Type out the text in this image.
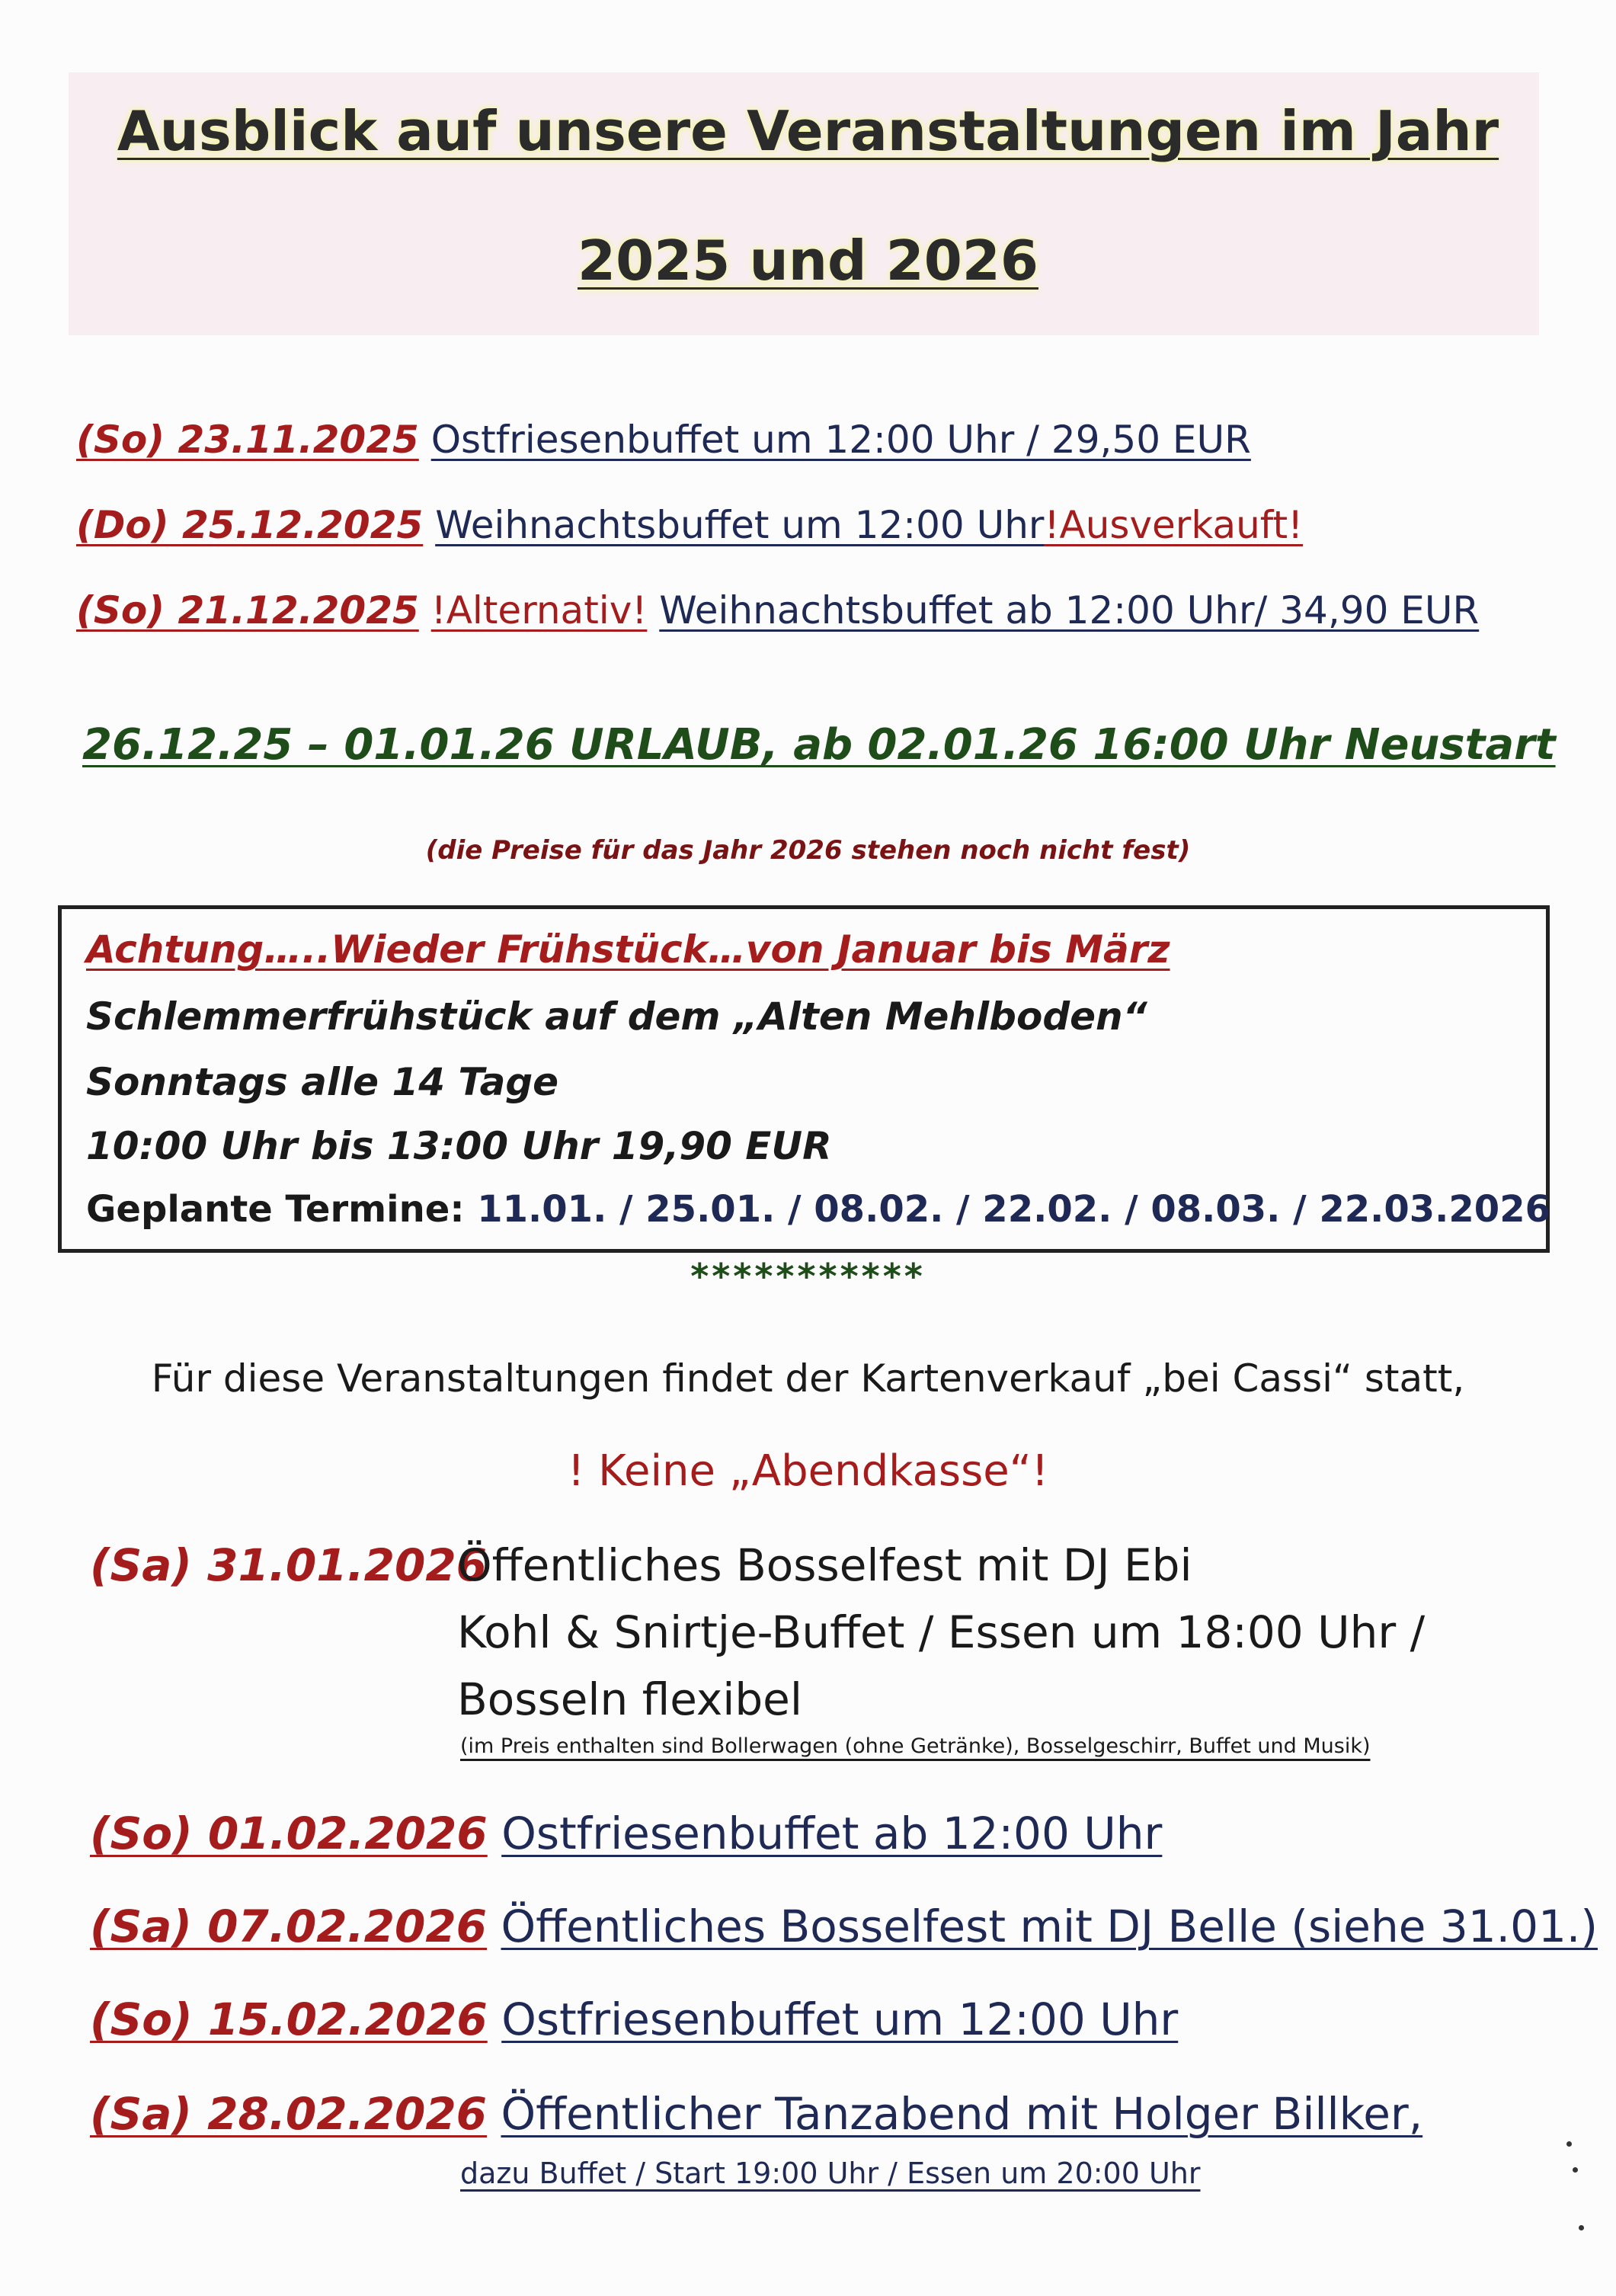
Ausblick auf unsere Veranstaltungen im Jahr
2025 und 2026
(So) 23.11.2025 Ostfriesenbuffet um 12:00 Uhr / 29,50 EUR
(Do) 25.12.2025 Weihnachtsbuffet um 12:00 Uhr!Ausverkauft!
(So) 21.12.2025 !Alternativ! Weihnachtsbuffet ab 12:00 Uhr/ 34,90 EUR
26.12.25 – 01.01.26 URLAUB, ab 02.01.26 16:00 Uhr Neustart
(die Preise für das Jahr 2026 stehen noch nicht fest)
Achtung…..Wieder Frühstück…von Januar bis März
Schlemmerfrühstück auf dem „Alten Mehlboden“
Sonntags alle 14 Tage
10:00 Uhr bis 13:00 Uhr 19,90 EUR
Geplante Termine: 11.01. / 25.01. / 08.02. / 22.02. / 08.03. / 22.03.2026
***********
Für diese Veranstaltungen findet der Kartenverkauf „bei Cassi“ statt,
! Keine „Abendkasse“!
(Sa) 31.01.2026
Öffentliches Bosselfest mit DJ Ebi
Kohl & Snirtje-Buffet / Essen um 18:00 Uhr /
Bosseln flexibel
(im Preis enthalten sind Bollerwagen (ohne Getränke), Bosselgeschirr, Buffet und Musik)
(So) 01.02.2026 Ostfriesenbuffet ab 12:00 Uhr
(Sa) 07.02.2026 Öffentliches Bosselfest mit DJ Belle (siehe 31.01.)
(So) 15.02.2026 Ostfriesenbuffet um 12:00 Uhr
(Sa) 28.02.2026 Öffentlicher Tanzabend mit Holger Billker,
dazu Buffet / Start 19:00 Uhr / Essen um 20:00 Uhr
